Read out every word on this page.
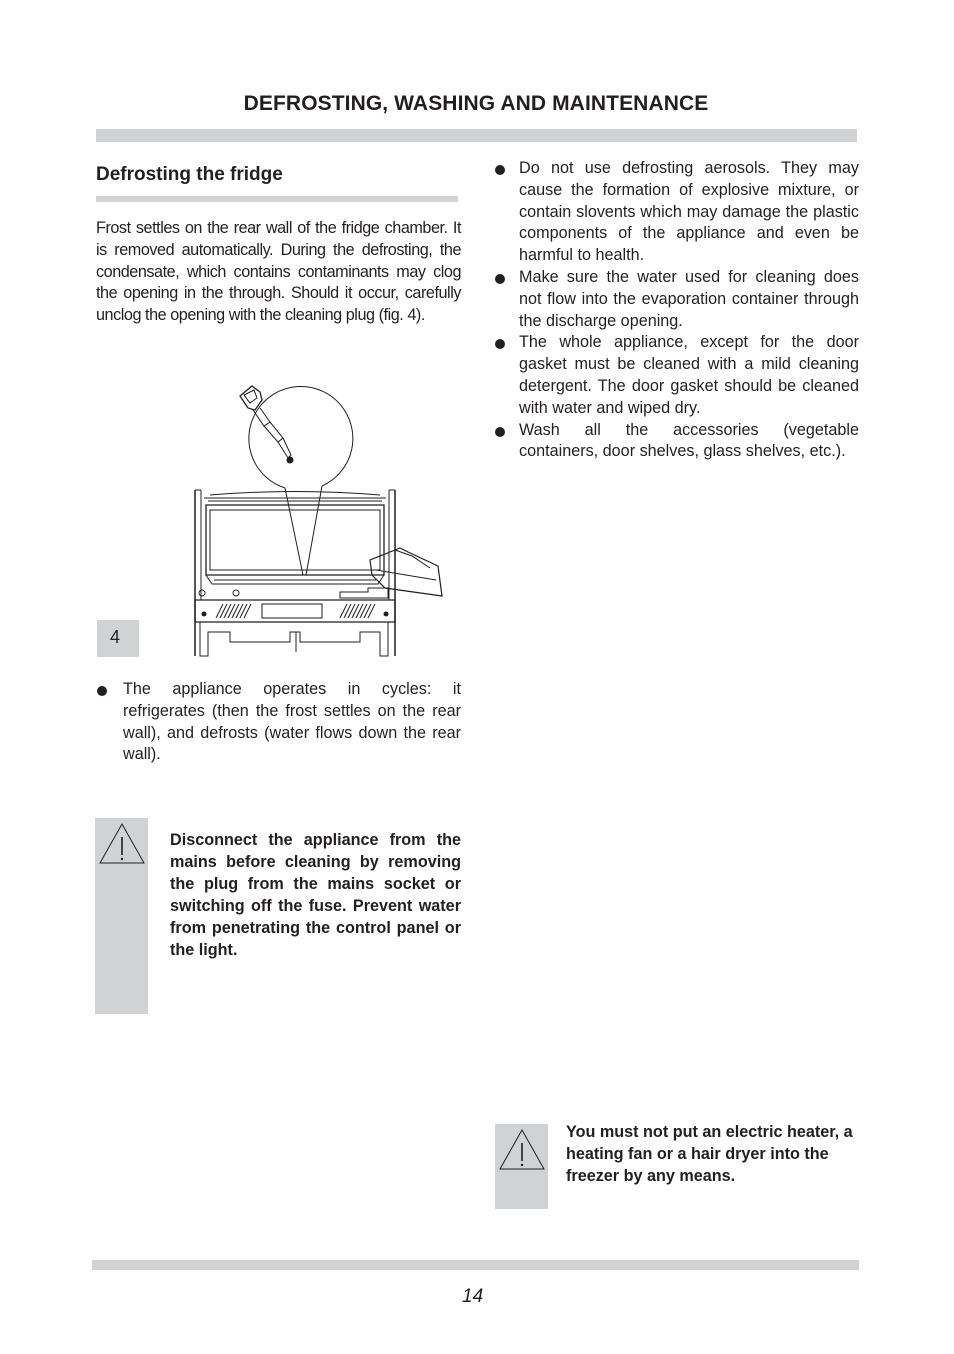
DEFROSTING, WASHING AND MAINTENANCE
Defrosting the fridge
Frost settles on the rear wall of the fridge chamber. It is removed automatically. During the defrosting, the condensate, which contains contaminants may clog the opening in the through. Should it occur, carefully unclog the opening with the cleaning plug (fig. 4).
4
The appliance operates in cycles: it refrigerates (then the frost settles on the rear wall), and defrosts (water flows down the rear wall).
Do not use defrosting aerosols. They may cause the formation of explosive mixture, or contain slovents which may damage the plastic components of the appliance and even be harmful to health.
Make sure the water used for cleaning does not flow into the evaporation container through the discharge opening.
The whole appliance, except for the door gasket must be cleaned with a mild cleaning detergent. The door gasket should be cleaned with water and wiped dry.
Wash all the accessories (vegetable containers, door shelves, glass shelves, etc.).
Disconnect the appliance from the mains before cleaning by removing the plug from the mains socket or switching off the fuse. Prevent water from penetrating the control panel or the light.
You must not put an electric heater, a heating fan or a hair dryer into the freezer by any means.
14
